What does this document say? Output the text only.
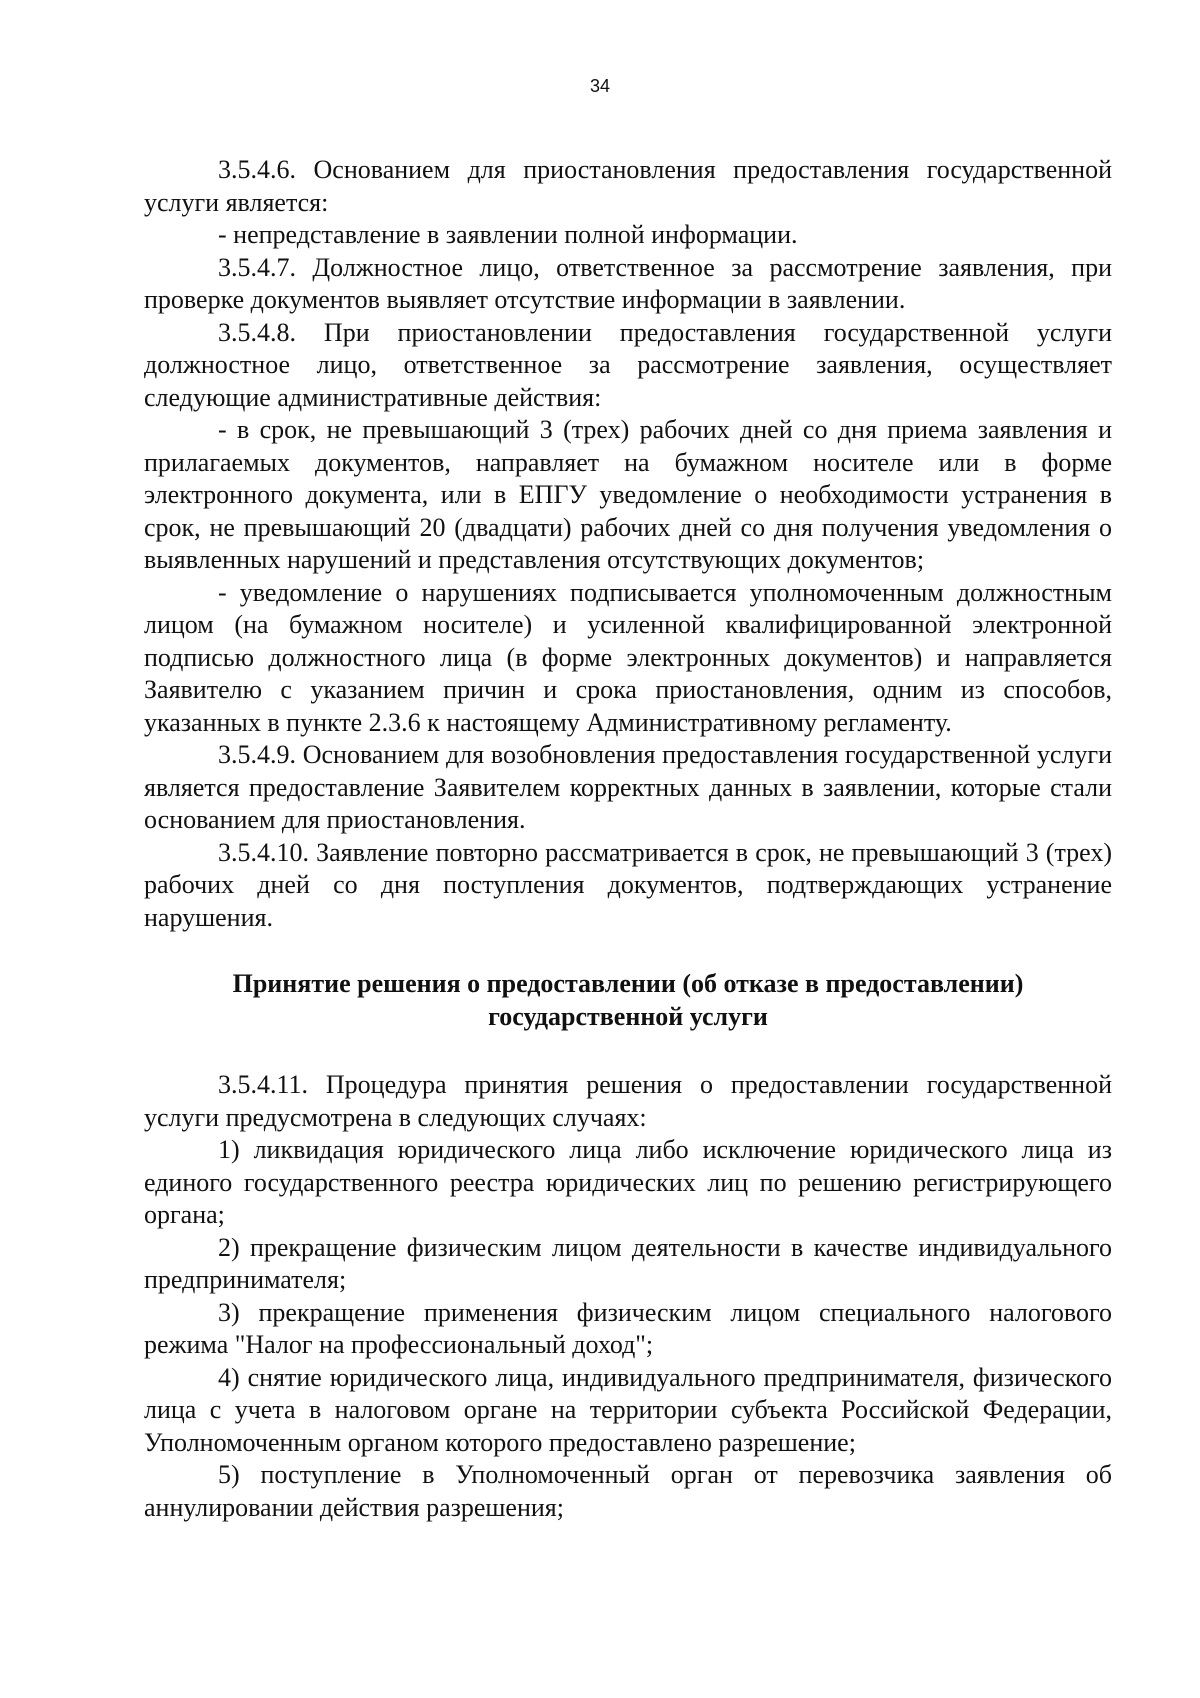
34

3.5.4.6. Основанием для приостановления предоставления государственной услуги является:

- непредставление в заявлении полной информации.

3.5.4.7. Должностное лицо, ответственное за рассмотрение заявления, при проверке документов выявляет отсутствие информации в заявлении.

3.5.4.8. При приостановлении предоставления государственной услуги должностное лицо, ответственное за рассмотрение заявления, осуществляет следующие административные действия:

- в срок, не превышающий 3 (трех) рабочих дней со дня приема заявления и прилагаемых документов, направляет на бумажном носителе или в форме электронного документа, или в ЕПГУ уведомление о необходимости устранения в срок, не превышающий 20 (двадцати) рабочих дней со дня получения уведомления о выявленных нарушений и представления отсутствующих документов;

- уведомление о нарушениях подписывается уполномоченным должностным лицом (на бумажном носителе) и усиленной квалифицированной электронной подписью должностного лица (в форме электронных документов) и направляется Заявителю с указанием причин и срока приостановления, одним из способов, указанных в пункте 2.3.6 к настоящему Административному регламенту.

3.5.4.9. Основанием для возобновления предоставления государственной услуги является предоставление Заявителем корректных данных в заявлении, которые стали основанием для приостановления.

3.5.4.10. Заявление повторно рассматривается в срок, не превышающий 3 (трех) рабочих дней со дня поступления документов, подтверждающих устранение нарушения.

Принятие решения о предоставлении (об отказе в предоставлении)
государственной услуги

3.5.4.11. Процедура принятия решения о предоставлении государственной услуги предусмотрена в следующих случаях:

1) ликвидация юридического лица либо исключение юридического лица из единого государственного реестра юридических лиц по решению регистрирующего органа;

2) прекращение физическим лицом деятельности в качестве индивидуального предпринимателя;

3) прекращение применения физическим лицом специального налогового режима "Налог на профессиональный доход";

4) снятие юридического лица, индивидуального предпринимателя, физического лица с учета в налоговом органе на территории субъекта Российской Федерации, Уполномоченным органом которого предоставлено разрешение;

5) поступление в Уполномоченный орган от перевозчика заявления об аннулировании действия разрешения;
